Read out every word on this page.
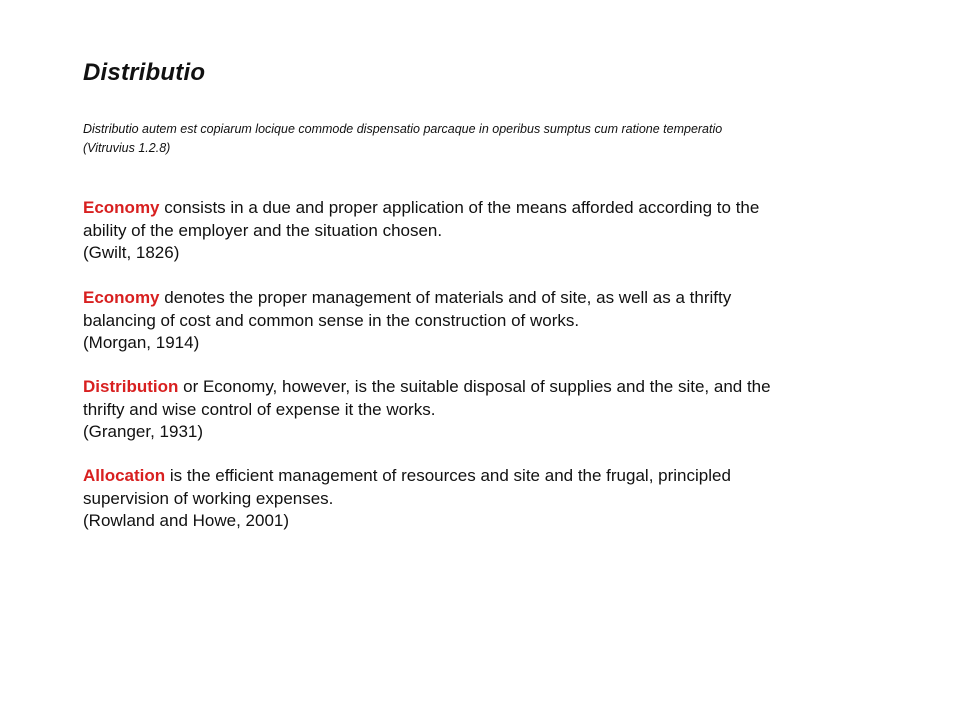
Distributio

Distributio autem est copiarum locique commode dispensatio parcaque in operibus sumptus cum ratione temperatio
(Vitruvius 1.2.8)

Economy consists in a due and proper application of the means afforded according to the
ability of the employer and the situation chosen.
(Gwilt, 1826)

Economy denotes the proper management of materials and of site, as well as a thrifty
balancing of cost and common sense in the construction of works.
(Morgan, 1914)

Distribution or Economy, however, is the suitable disposal of supplies and the site, and the
thrifty and wise control of expense it the works.
(Granger, 1931)

Allocation is the efficient management of resources and site and the frugal, principled
supervision of working expenses.
(Rowland and Howe, 2001)
